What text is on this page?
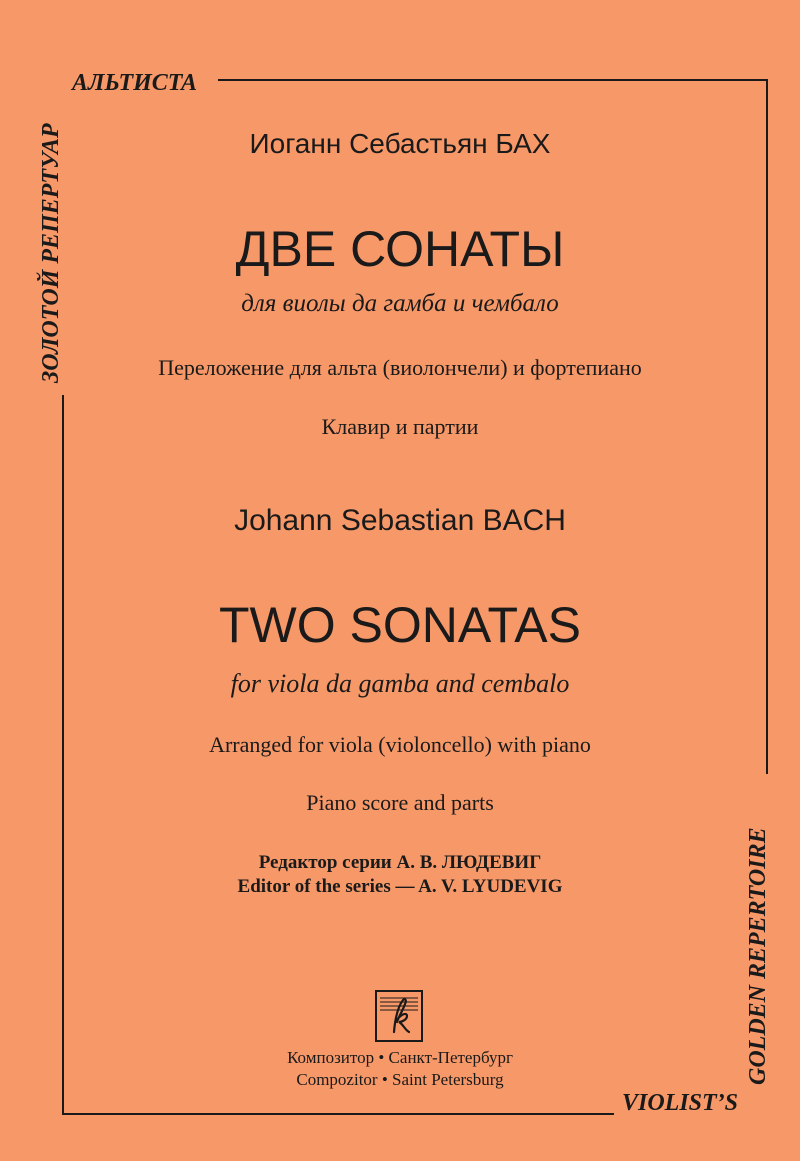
АЛЬТИСТА
ЗОЛОТОЙ РЕПЕРТУАР
GOLDEN REPERTOIRE
VIOLIST’S
Иоганн Себастьян БАХ
ДВЕ СОНАТЫ
для виолы да гамба и чембало
Переложение для альта (виолончели) и фортепиано
Клавир и партии
Johann Sebastian BACH
TWO SONATAS
for viola da gamba and cembalo
Arranged for viola (violoncello) with piano
Piano score and parts
Редактор серии А. В. ЛЮДЕВИГ
Editor of the series — A. V. LYUDEVIG
Композитор • Санкт-Петербург
Compozitor • Saint Petersburg
